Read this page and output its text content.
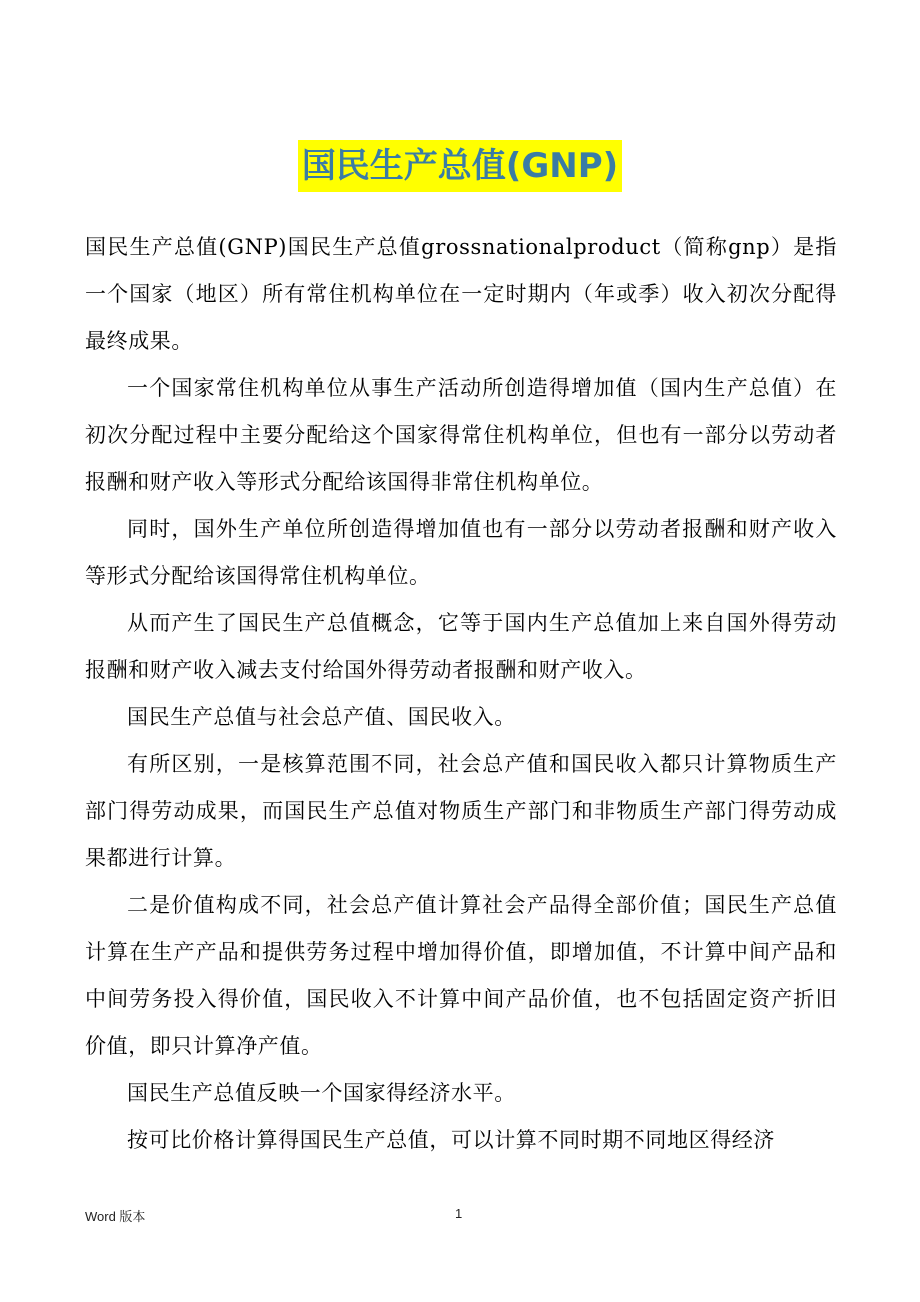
国民生产总值(GNP)

国民生产总值(GNP)国民生产总值grossnationalproduct（简称gnp）是指一个国家（地区）所有常住机构单位在一定时期内（年或季）收入初次分配得最终成果。

一个国家常住机构单位从事生产活动所创造得增加值（国内生产总值）在初次分配过程中主要分配给这个国家得常住机构单位，但也有一部分以劳动者报酬和财产收入等形式分配给该国得非常住机构单位。

同时，国外生产单位所创造得增加值也有一部分以劳动者报酬和财产收入等形式分配给该国得常住机构单位。

从而产生了国民生产总值概念，它等于国内生产总值加上来自国外得劳动报酬和财产收入减去支付给国外得劳动者报酬和财产收入。

国民生产总值与社会总产值、国民收入。

有所区别，一是核算范围不同，社会总产值和国民收入都只计算物质生产部门得劳动成果，而国民生产总值对物质生产部门和非物质生产部门得劳动成果都进行计算。

二是价值构成不同，社会总产值计算社会产品得全部价值；国民生产总值计算在生产产品和提供劳务过程中增加得价值，即增加值，不计算中间产品和中间劳务投入得价值，国民收入不计算中间产品价值，也不包括固定资产折旧价值，即只计算净产值。

国民生产总值反映一个国家得经济水平。

按可比价格计算得国民生产总值，可以计算不同时期不同地区得经济

Word 版本	1
